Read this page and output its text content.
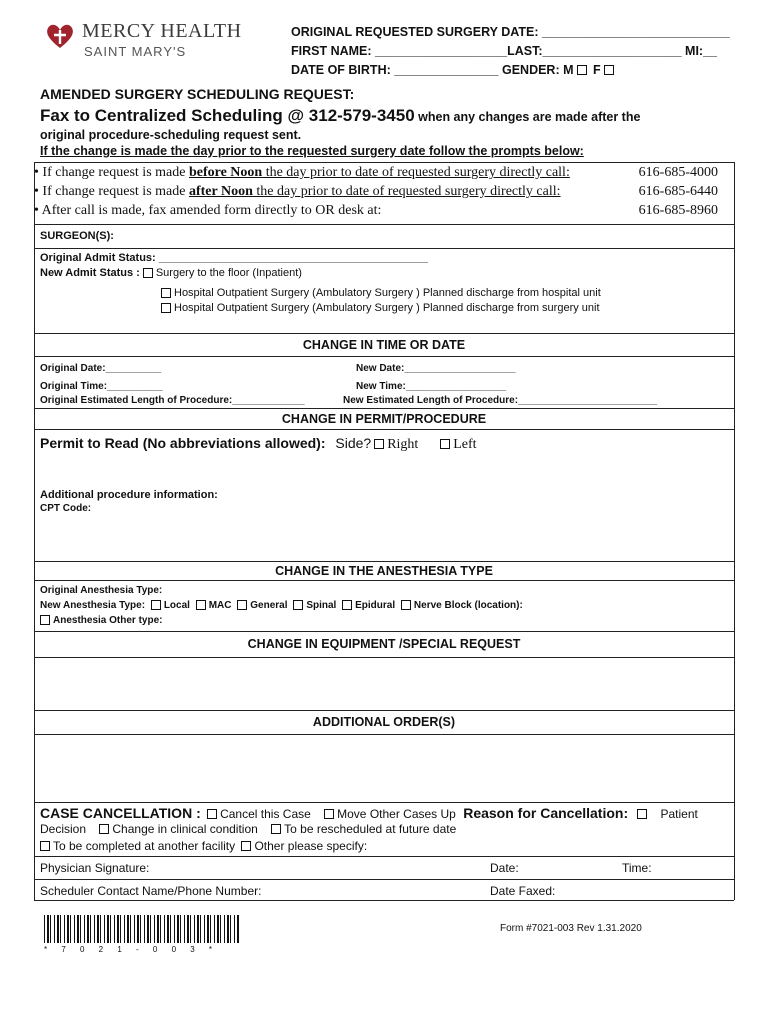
MERCY HEALTH
SAINT MARY'S
ORIGINAL REQUESTED SURGERY DATE: ___________________________
FIRST NAME: ___________________LAST:____________________ MI:__
DATE OF BIRTH: _______________ GENDER: M F
AMENDED SURGERY SCHEDULING REQUEST:
Fax to Centralized Scheduling @ 312-579-3450 when any changes are made after the
original procedure-scheduling request sent.
If the change is made the day prior to the requested surgery date follow the prompts below:
• If change request is made before Noon the day prior to date of requested surgery directly call:	616-685-4000
• If change request is made after Noon the day prior to date of requested surgery directly call:	616-685-6440
• After call is made, fax amended form directly to OR desk at:	616-685-8960
SURGEON(S):
Original Admit Status: ____________________________________________
New Admit Status : Surgery to the floor (Inpatient)
Hospital Outpatient Surgery (Ambulatory Surgery ) Planned discharge from hospital unit
Hospital Outpatient Surgery (Ambulatory Surgery ) Planned discharge from surgery unit
CHANGE IN TIME OR DATE
Original Date:__________	New Date:____________________
Original Time:__________	New Time:__________________
Original Estimated Length of Procedure:_____________	New Estimated Length of Procedure:_________________________
CHANGE IN PERMIT/PROCEDURE
Permit to Read (No abbreviations allowed): Side? Right Left
Additional procedure information:
CPT Code:
CHANGE IN THE ANESTHESIA TYPE
Original Anesthesia Type:
New Anesthesia Type: Local MAC General Spinal Epidural Nerve Block (location):
Anesthesia Other type:
CHANGE IN EQUIPMENT /SPECIAL REQUEST
ADDITIONAL ORDER(S)
CASE CANCELLATION : Cancel this Case Move Other Cases Up Reason for Cancellation:	Patient
Decision Change in clinical condition To be rescheduled at future date
To be completed at another facility Other please specify:
Physician Signature:	Date:	Time:
Scheduler Contact Name/Phone Number:	Date Faxed:
* 7 0 2 1 - 0 0 3 *
Form #7021-003 Rev 1.31.2020
